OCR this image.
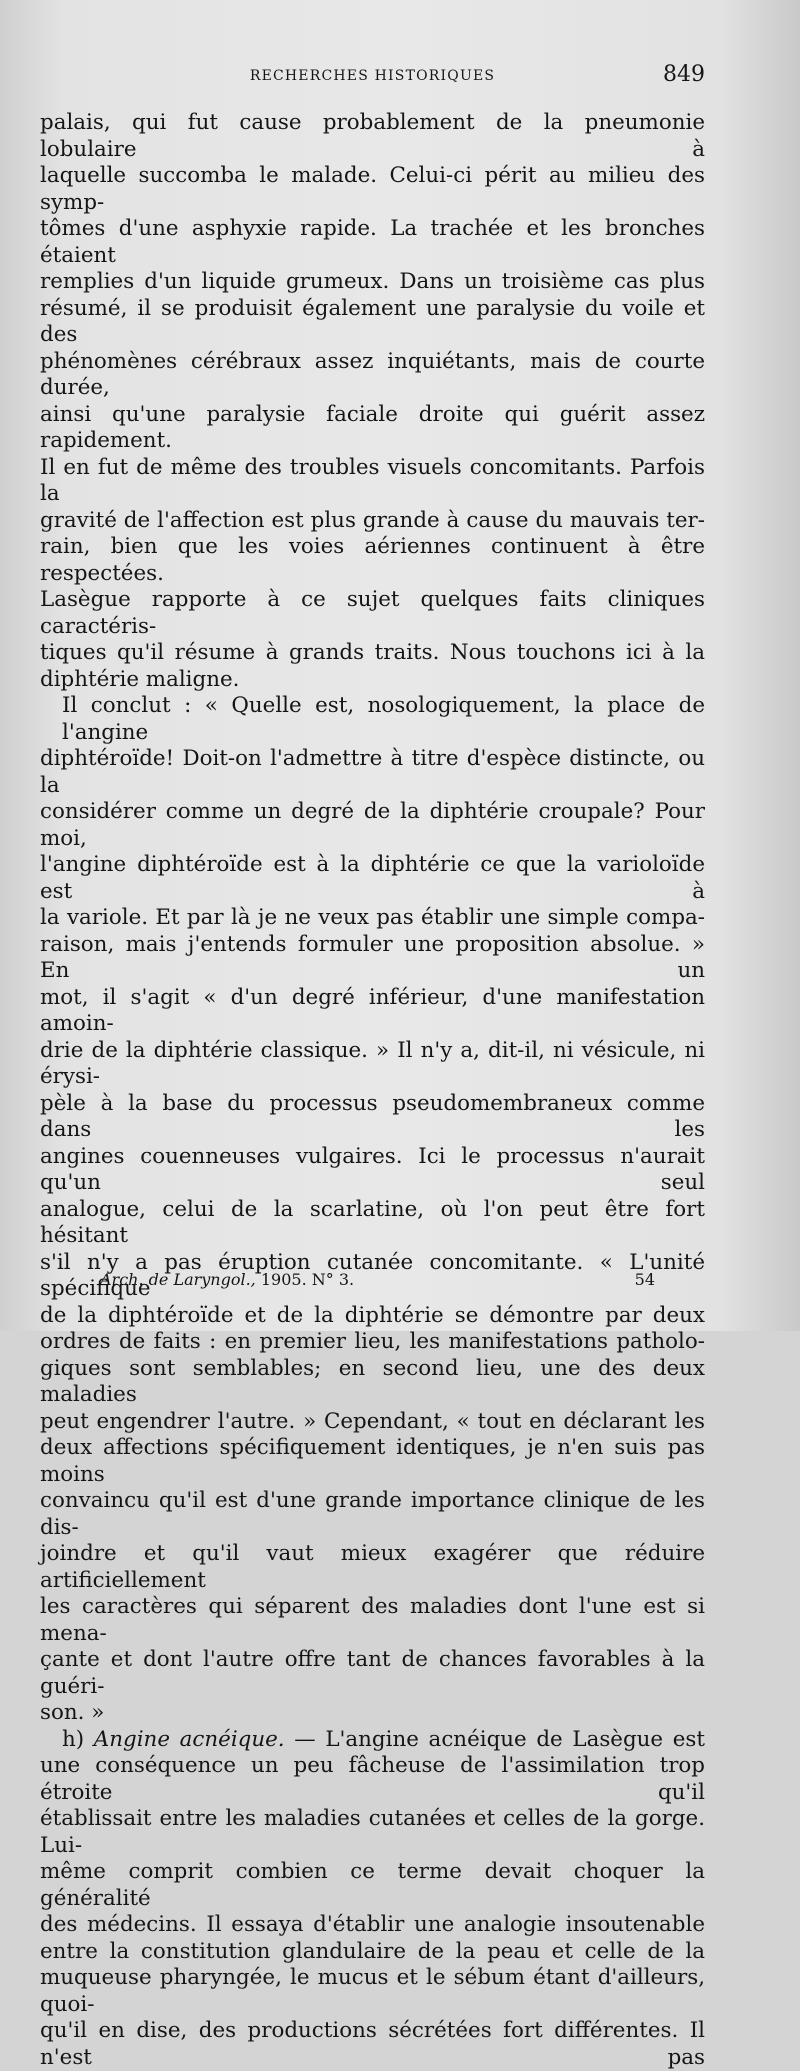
RECHERCHES HISTORIQUES	849
palais, qui fut cause probablement de la pneumonie lobulaire à
laquelle succomba le malade. Celui-ci périt au milieu des symp-
tômes d'une asphyxie rapide. La trachée et les bronches étaient
remplies d'un liquide grumeux. Dans un troisième cas plus
résumé, il se produisit également une paralysie du voile et des
phénomènes cérébraux assez inquiétants, mais de courte durée,
ainsi qu'une paralysie faciale droite qui guérit assez rapidement.
Il en fut de même des troubles visuels concomitants. Parfois la
gravité de l'affection est plus grande à cause du mauvais ter-
rain, bien que les voies aériennes continuent à être respectées.
Lasègue rapporte à ce sujet quelques faits cliniques caractéris-
tiques qu'il résume à grands traits. Nous touchons ici à la
diphtérie maligne.
Il conclut : « Quelle est, nosologiquement, la place de l'angine
diphtéroïde! Doit-on l'admettre à titre d'espèce distincte, ou la
considérer comme un degré de la diphtérie croupale? Pour moi,
l'angine diphtéroïde est à la diphtérie ce que la varioloïde est à
la variole. Et par là je ne veux pas établir une simple compa-
raison, mais j'entends formuler une proposition absolue. » En un
mot, il s'agit « d'un degré inférieur, d'une manifestation amoin-
drie de la diphtérie classique. » Il n'y a, dit-il, ni vésicule, ni érysi-
pèle à la base du processus pseudomembraneux comme dans les
angines couenneuses vulgaires. Ici le processus n'aurait qu'un seul
analogue, celui de la scarlatine, où l'on peut être fort hésitant
s'il n'y a pas éruption cutanée concomitante. « L'unité spécifique
de la diphtéroïde et de la diphtérie se démontre par deux
ordres de faits : en premier lieu, les manifestations patholo-
giques sont semblables; en second lieu, une des deux maladies
peut engendrer l'autre. » Cependant, « tout en déclarant les
deux affections spécifiquement identiques, je n'en suis pas moins
convaincu qu'il est d'une grande importance clinique de les dis-
joindre et qu'il vaut mieux exagérer que réduire artificiellement
les caractères qui séparent des maladies dont l'une est si mena-
çante et dont l'autre offre tant de chances favorables à la guéri-
son. »
h) Angine acnéique. — L'angine acnéique de Lasègue est
une conséquence un peu fâcheuse de l'assimilation trop étroite qu'il
établissait entre les maladies cutanées et celles de la gorge. Lui-
même comprit combien ce terme devait choquer la généralité
des médecins. Il essaya d'établir une analogie insoutenable
entre la constitution glandulaire de la peau et celle de la
muqueuse pharyngée, le mucus et le sébum étant d'ailleurs, quoi-
qu'il en dise, des productions sécrétées fort différentes. Il n'est pas
Arch. de Laryngol., 1905. N° 3.	54
